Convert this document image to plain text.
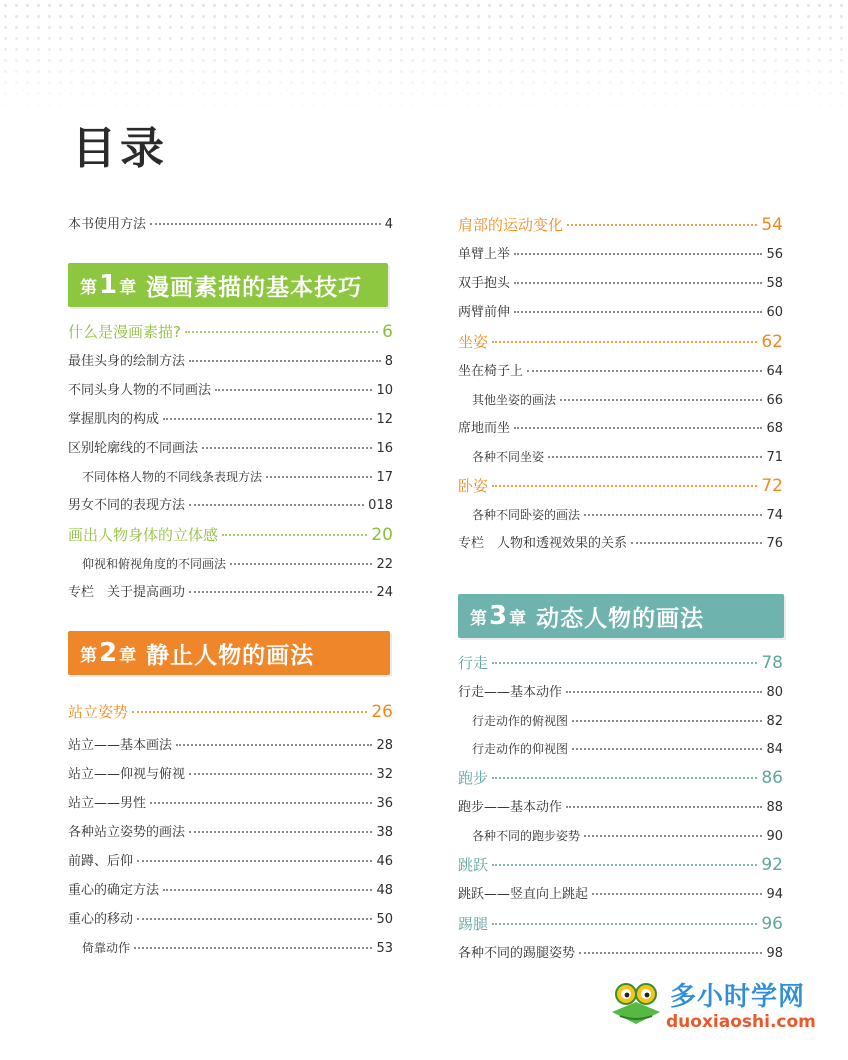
目录
本书使用方法	4
第 1 章 漫画素描的基本技巧
什么是漫画素描?	6
最佳头身的绘制方法	8
不同头身人物的不同画法	10
掌握肌肉的构成	12
区别轮廓线的不同画法	16
不同体格人物的不同线条表现方法	17
男女不同的表现方法	018
画出人物身体的立体感	20
仰视和俯视角度的不同画法	22
专栏　关于提高画功	24
第 2 章 静止人物的画法
站立姿势	26
站立——基本画法	28
站立——仰视与俯视	32
站立——男性	36
各种站立姿势的画法	38
前蹲、后仰	46
重心的确定方法	48
重心的移动	50
倚靠动作	53
肩部的运动变化	54
单臂上举	56
双手抱头	58
两臂前伸	60
坐姿	62
坐在椅子上	64
其他坐姿的画法	66
席地而坐	68
各种不同坐姿	71
卧姿	72
各种不同卧姿的画法	74
专栏　人物和透视效果的关系	76
第 3 章 动态人物的画法
行走	78
行走——基本动作	80
行走动作的俯视图	82
行走动作的仰视图	84
跑步	86
跑步——基本动作	88
各种不同的跑步姿势	90
跳跃	92
跳跃——竖直向上跳起	94
踢腿	96
各种不同的踢腿姿势	98
多小时学网
duoxiaoshi.com
